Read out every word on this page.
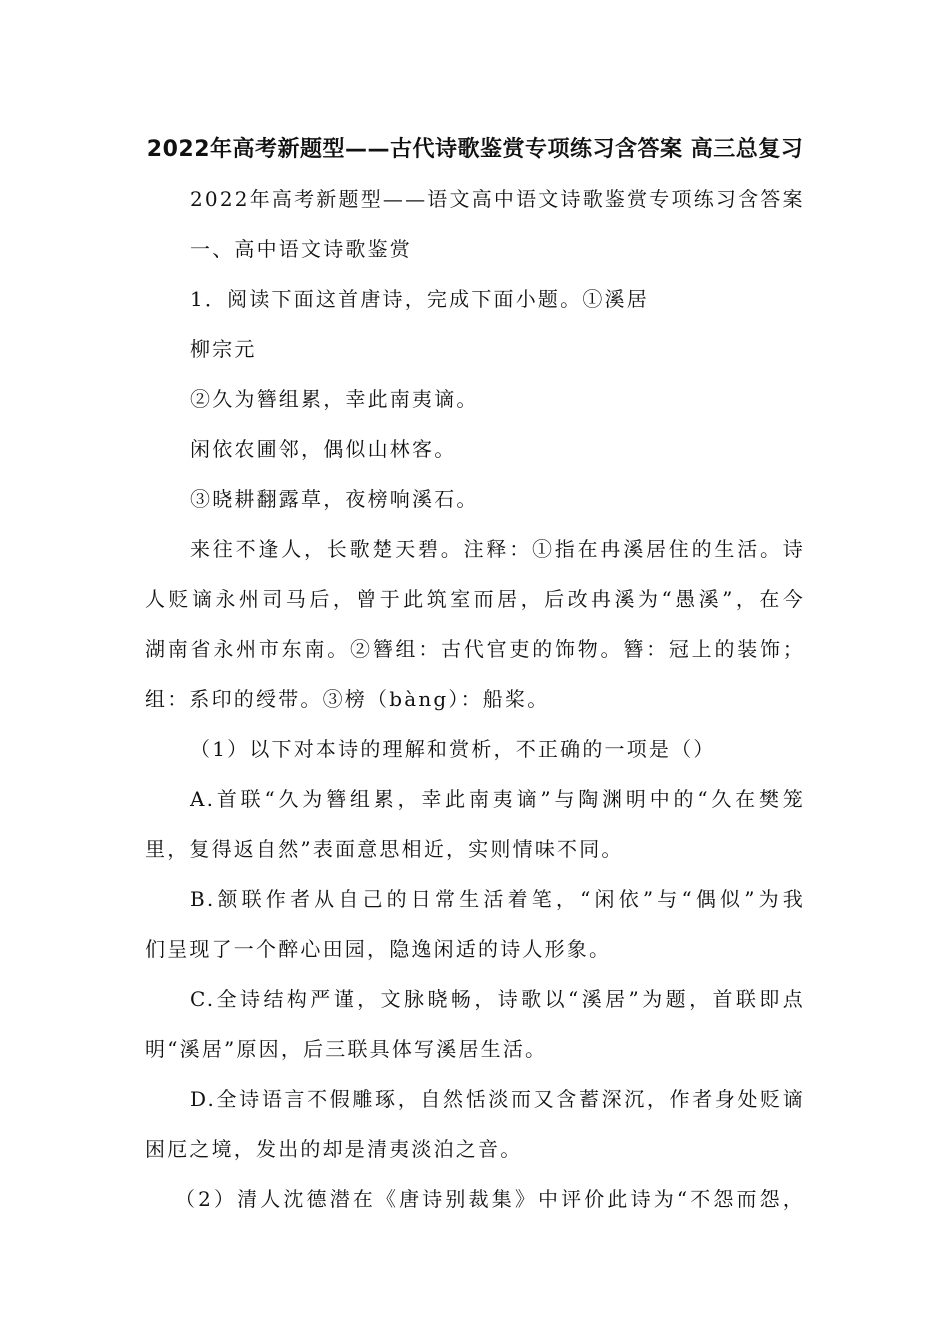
2022年高考新题型——古代诗歌鉴赏专项练习含答案 高三总复习
2022年高考新题型——语文高中语文诗歌鉴赏专项练习含答案
一、高中语文诗歌鉴赏
1．阅读下面这首唐诗，完成下面小题。①溪居
柳宗元
②久为簪组累，幸此南夷谪。
闲依农圃邻，偶似山林客。
③晓耕翻露草，夜榜响溪石。
来往不逢人，长歌楚天碧。注释：①指在冉溪居住的生活。诗
人贬谪永州司马后，曾于此筑室而居，后改冉溪为“愚溪”，在今
湖南省永州市东南。②簪组：古代官吏的饰物。簪：冠上的装饰；
组：系印的绶带。③榜（bàng）：船桨。
（1）以下对本诗的理解和赏析，不正确的一项是（）
A.首联“久为簪组累，幸此南夷谪”与陶渊明中的“久在樊笼
里，复得返自然”表面意思相近，实则情味不同。
B.颔联作者从自己的日常生活着笔，“闲依”与“偶似”为我
们呈现了一个醉心田园，隐逸闲适的诗人形象。
C.全诗结构严谨，文脉晓畅，诗歌以“溪居”为题，首联即点
明“溪居”原因，后三联具体写溪居生活。
D.全诗语言不假雕琢，自然恬淡而又含蓄深沉，作者身处贬谪
困厄之境，发出的却是清夷淡泊之音。
（2）清人沈德潜在《唐诗别裁集》中评价此诗为“不怨而怨，
